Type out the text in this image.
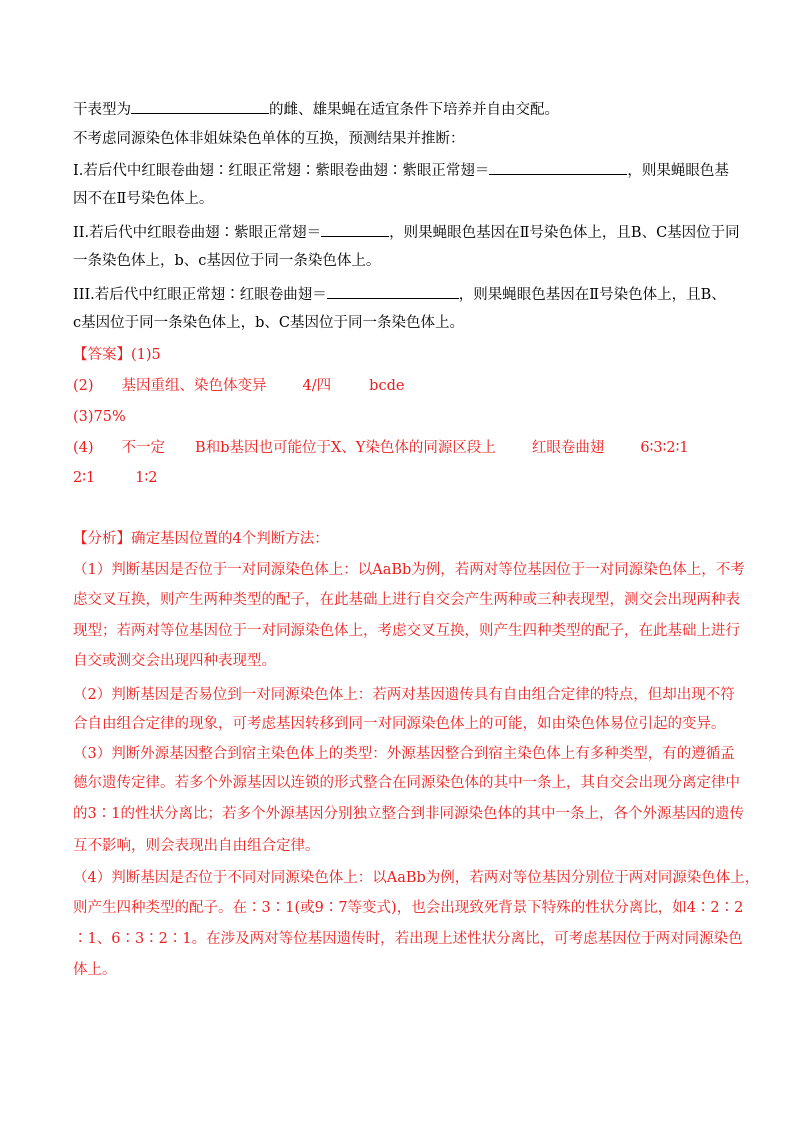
干表型为	的雌、雄果蝇在适宜条件下培养并自由交配。
不考虑同源染色体非姐妹染色单体的互换，预测结果并推断：
I.若后代中红眼卷曲翅∶红眼正常翅∶紫眼卷曲翅∶紫眼正常翅＝	，则果蝇眼色基
因不在Ⅱ号染色体上。
II.若后代中红眼卷曲翅∶紫眼正常翅＝	，则果蝇眼色基因在Ⅱ号染色体上，且B、C基因位于同
一条染色体上，b、c基因位于同一条染色体上。
III.若后代中红眼正常翅∶红眼卷曲翅＝	，则果蝇眼色基因在Ⅱ号染色体上，且B、
c基因位于同一条染色体上，b、C基因位于同一条染色体上。
【答案】(1)5
(2) 基因重组、染色体变异 4/四	bcde
(3)75%
(4) 不一定 B和b基因也可能位于X、Y染色体的同源区段上 红眼卷曲翅 6∶3∶2∶1
2∶1	1∶2
【分析】确定基因位置的4个判断方法：
（1）判断基因是否位于一对同源染色体上：以AaBb为例，若两对等位基因位于一对同源染色体上，不考
虑交叉互换，则产生两种类型的配子，在此基础上进行自交会产生两种或三种表现型，测交会出现两种表
现型；若两对等位基因位于一对同源染色体上，考虑交叉互换，则产生四种类型的配子，在此基础上进行
自交或测交会出现四种表现型。
（2）判断基因是否易位到一对同源染色体上：若两对基因遗传具有自由组合定律的特点，但却出现不符
合自由组合定律的现象，可考虑基因转移到同一对同源染色体上的可能，如由染色体易位引起的变异。
（3）判断外源基因整合到宿主染色体上的类型：外源基因整合到宿主染色体上有多种类型，有的遵循孟
德尔遗传定律。若多个外源基因以连锁的形式整合在同源染色体的其中一条上，其自交会出现分离定律中
的3∶1的性状分离比；若多个外源基因分别独立整合到非同源染色体的其中一条上，各个外源基因的遗传
互不影响，则会表现出自由组合定律。
（4）判断基因是否位于不同对同源染色体上：以AaBb为例，若两对等位基因分别位于两对同源染色体上，
则产生四种类型的配子。在∶3∶1(或9∶7等变式)，也会出现致死背景下特殊的性状分离比，如4∶2∶2
∶1、6∶3∶2∶1。在涉及两对等位基因遗传时，若出现上述性状分离比，可考虑基因位于两对同源染色
体上。
